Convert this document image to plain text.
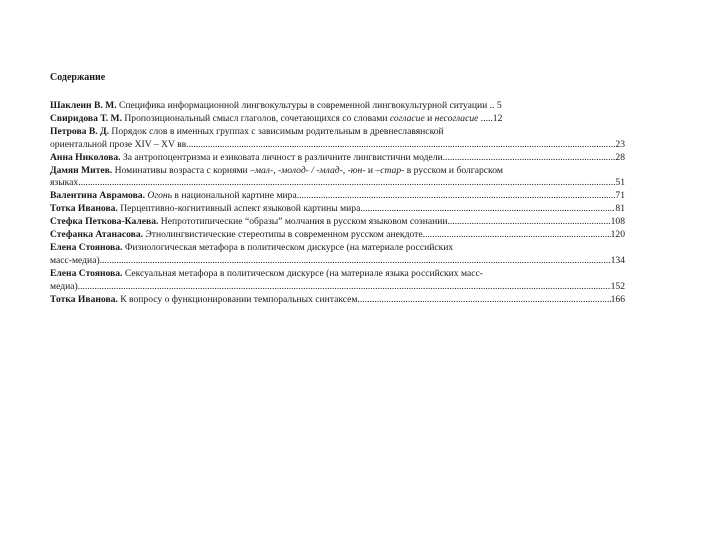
Содержание
Шаклеин В. М. Специфика информационной лингвокультуры в современной лингвокультурной ситуации .. 5
Свиридова Т. М. Пропозициональный смысл глаголов, сочетающихся со словами согласие и несогласие .....12
Петрова В. Д. Порядок слов в именных группах с зависимым родительным в древнеславянской
ориентальной прозе XIV – XV вв. .....	23
Анна Николова. За антропоцентризма и езиковата личност в различните лингвистични модели .....	28
Дамян Митев. Номинативы возраста с корнями –мал-, -молод- / -млад-, -юн- и –стар- в русском и болгарском
языках .....	51
Валентина Аврамова. Огонь в национальной картине мира .....	71
Тотка Иванова. Перцептивно-когнитивный аспект языковой картины мира .....	81
Стефка Петкова-Калева. Непрототипические “образы” молчания в русском языковом сознании .....	108
Стефанка Атанасова. Этнолингвистические стереотипы в современном русском анекдоте .....	120
Елена Стоянова. Физиологическая метафора в политическом дискурсе (на материале российских
масс-медиа) .....	134
Елена Стоянова. Сексуальная метафора в политическом дискурсе (на материале языка российских масс-
медиа) .....	152
Тотка Иванова. К вопросу о функционировании темпоральных синтаксем .....	166
